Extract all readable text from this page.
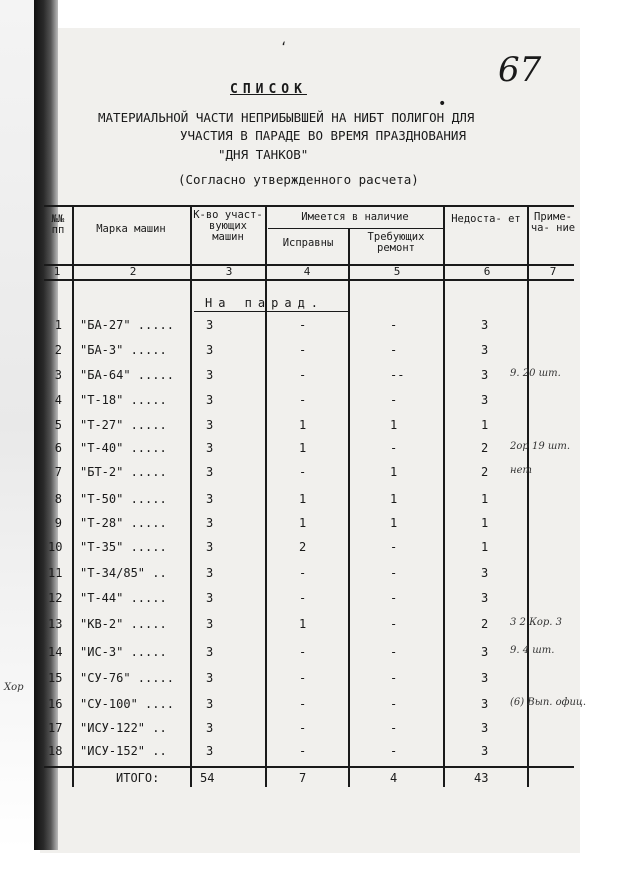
‘
67
•
СПИСОК
МАТЕРИАЛЬНОЙ ЧАСТИ НЕПРИБЫВШЕЙ НА НИБТ ПОЛИГОН ДЛЯ
УЧАСТИЯ В ПАРАДЕ ВО ВРЕМЯ ПРАЗДНОВАНИЯ
"ДНЯ ТАНКОВ"
(Согласно утвержденного расчета)
№№ пп	Марка машин
К-во участ- вующих машин
Имеется в наличие
Исправны	Требующих ремонт
Недоста- ет	Приме- ча- ние
1	2	3	4	5	6	7
На парад.
1 "БА-27" .....	3	-	-	3
2 "БА-3" .....	3	-	-	3
3 "БА-64" .....	3	-	--	3 9. 20 шт.
4 "Т-18" .....	3	-	-	3
5 "Т-27" .....	3	1	1	1
6 "Т-40" .....	3	1	-	2 2ор 19 шт.
7 "БТ-2" .....	3	-	1	2 нет
8 "Т-50" .....	3	1	1	1
9 "Т-28" .....	3	1	1	1
10 "Т-35" .....	3	2	-	1
11 "Т-34/85" ..	3	-	-	3
12 "Т-44" .....	3	-	-	3
13 "КВ-2" .....	3	1	-	2 3 2 Кор. 3
14 "ИС-3" .....	3	-	-	3 9. 4 шт.
15 "СУ-76" .....	3	-	-	3
16 "СУ-100" ....	3	-	-	3 (6) Вып. офиц.
17 "ИСУ-122" ..	3	-	-	3
18 "ИСУ-152" ..	3	-	-	3
ИТОГО:	54	7	4	43
Хор
